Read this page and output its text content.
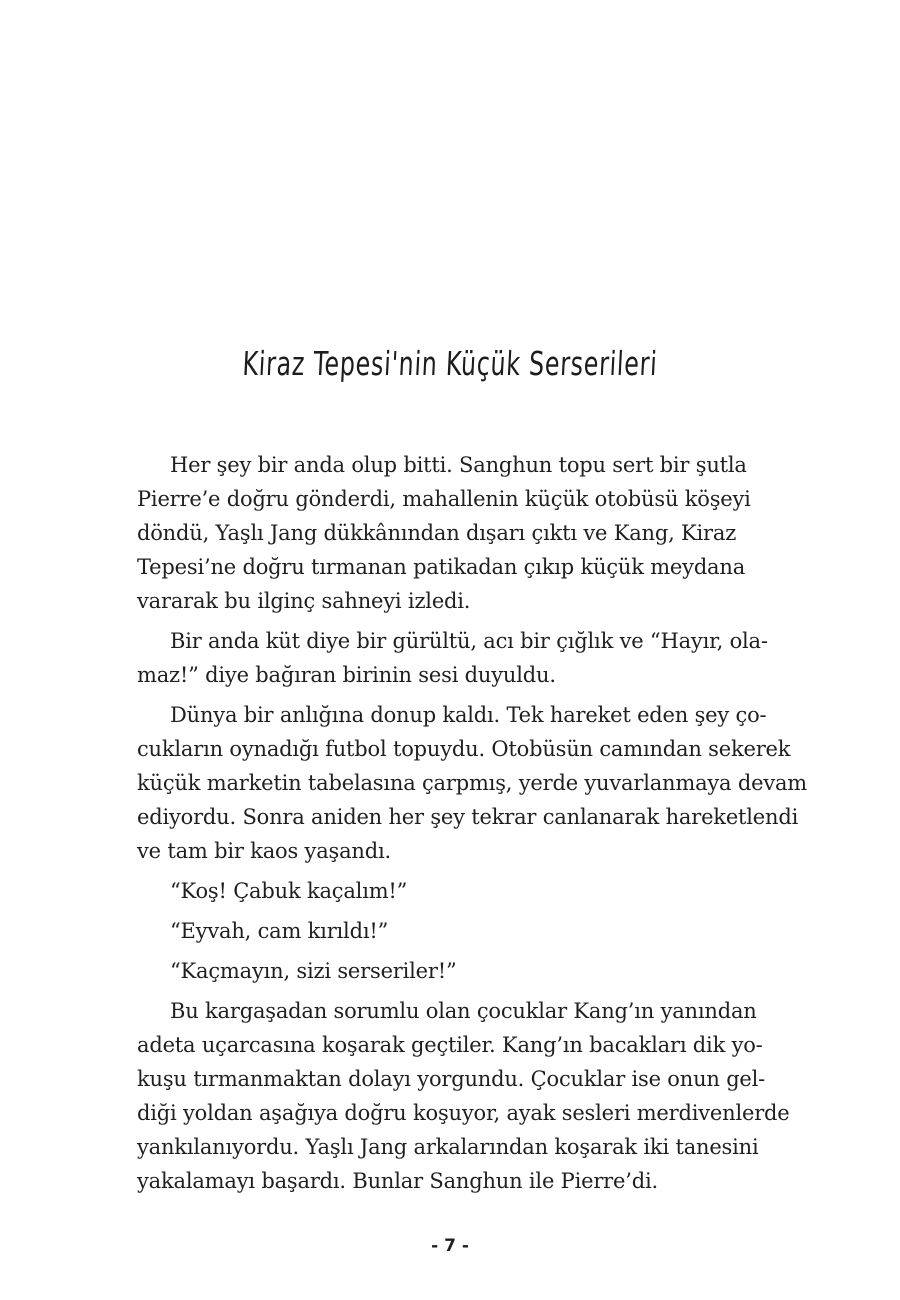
Kiraz Tepesi'nin Küçük Serserileri

Her şey bir anda olup bitti. Sanghun topu sert bir şutla
Pierre’e doğru gönderdi, mahallenin küçük otobüsü köşeyi
döndü, Yaşlı Jang dükkânından dışarı çıktı ve Kang, Kiraz
Tepesi’ne doğru tırmanan patikadan çıkıp küçük meydana
vararak bu ilginç sahneyi izledi.

Bir anda küt diye bir gürültü, acı bir çığlık ve “Hayır, ola-
maz!” diye bağıran birinin sesi duyuldu.

Dünya bir anlığına donup kaldı. Tek hareket eden şey ço-
cukların oynadığı futbol topuydu. Otobüsün camından sekerek
küçük marketin tabelasına çarpmış, yerde yuvarlanmaya devam
ediyordu. Sonra aniden her şey tekrar canlanarak hareketlendi
ve tam bir kaos yaşandı.

“Koş! Çabuk kaçalım!”

“Eyvah, cam kırıldı!”

“Kaçmayın, sizi serseriler!”

Bu kargaşadan sorumlu olan çocuklar Kang’ın yanından
adeta uçarcasına koşarak geçtiler. Kang’ın bacakları dik yo-
kuşu tırmanmaktan dolayı yorgundu. Çocuklar ise onun gel-
diği yoldan aşağıya doğru koşuyor, ayak sesleri merdivenlerde
yankılanıyordu. Yaşlı Jang arkalarından koşarak iki tanesini
yakalamayı başardı. Bunlar Sanghun ile Pierre’di.

- 7 -
